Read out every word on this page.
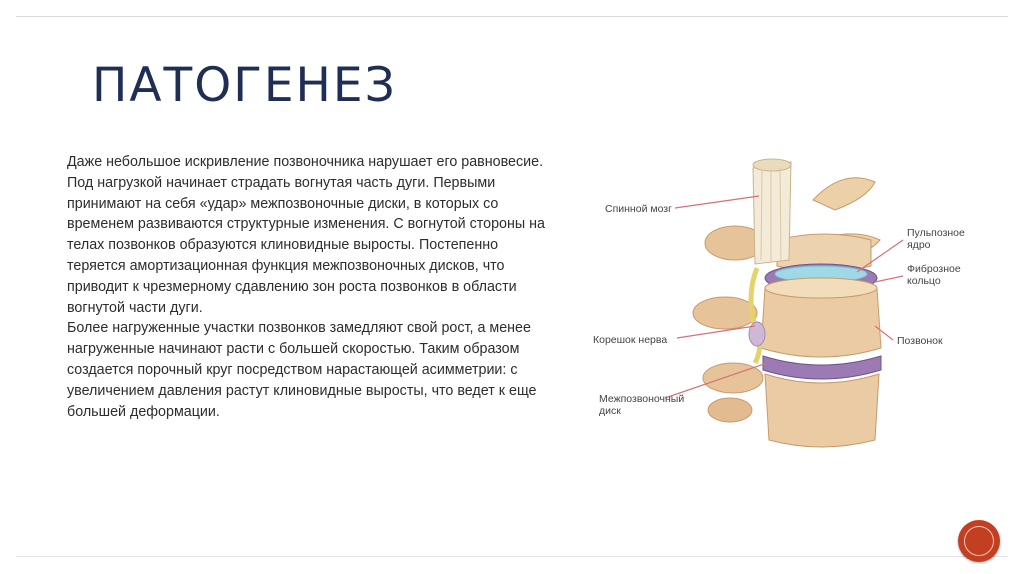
ПАТОГЕНЕЗ

Даже небольшое искривление позвоночника нарушает его равновесие. Под нагрузкой начинает страдать вогнутая часть дуги. Первыми принимают на себя «удар» межпозвоночные диски, в которых со временем развиваются структурные изменения. С вогнутой стороны на телах позвонков образуются клиновидные выросты. Постепенно теряется амортизационная функция межпозвоночных дисков, что приводит к чрезмерному сдавлению зон роста позвонков в области вогнутой части дуги.

Более нагруженные участки позвонков замедляют свой рост, а менее нагруженные начинают расти с большей скоростью. Таким образом создается порочный круг посредством нарастающей асимметрии: с увеличением давления растут клиновидные выросты, что ведет к еще большей деформации.

Спинной мозг
Пульпозное
ядро
Фиброзное
кольцо
Корешок нерва	Позвонок
Межпозвоночный
диск
